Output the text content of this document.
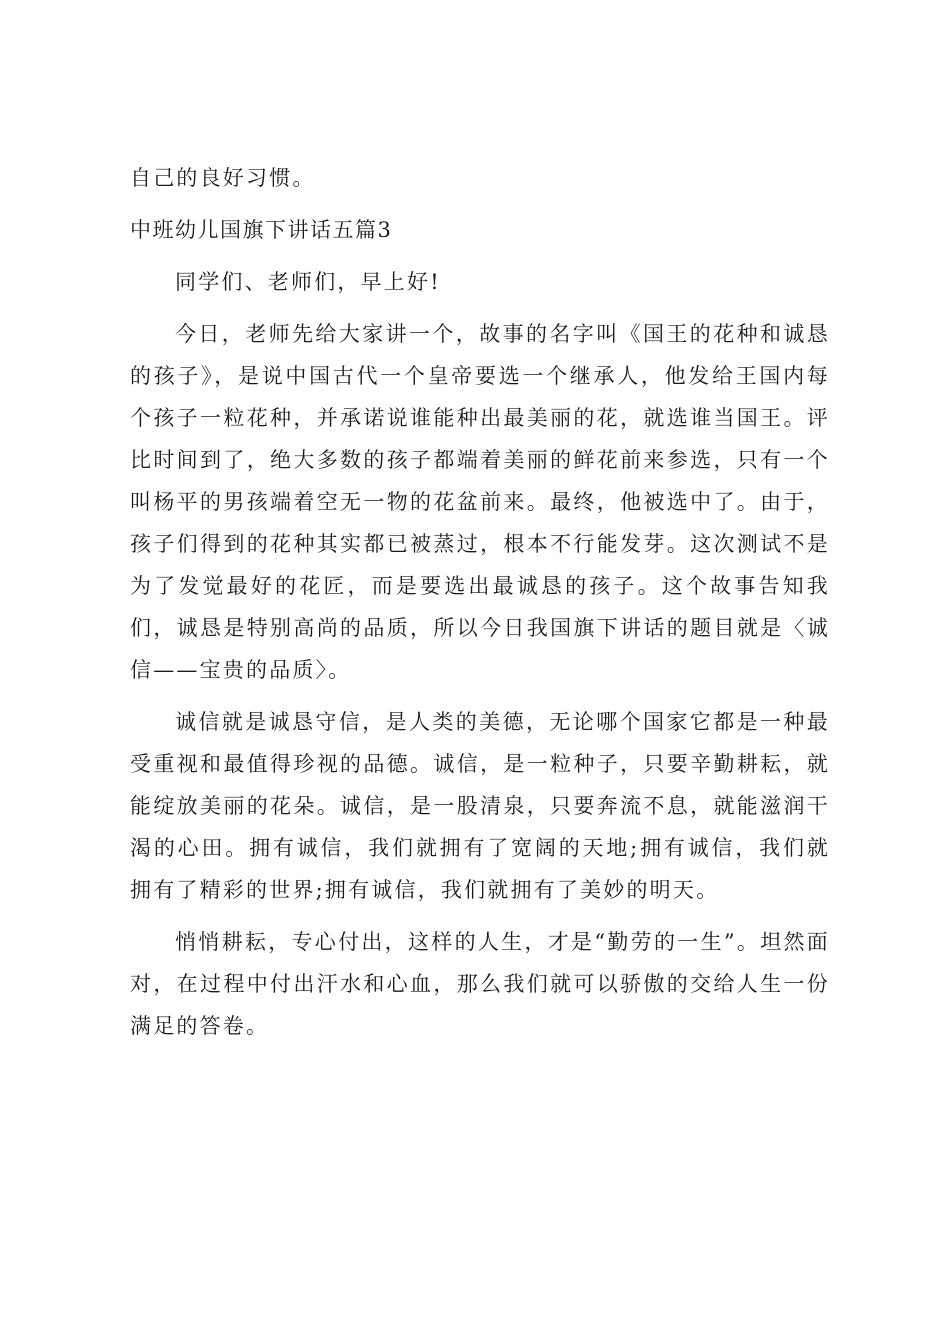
自己的良好习惯。

中班幼儿国旗下讲话五篇3

同学们、老师们，早上好!

今日，老师先给大家讲一个，故事的名字叫《国王的花种和诚恳的孩子》，是说中国古代一个皇帝要选一个继承人，他发给王国内每个孩子一粒花种，并承诺说谁能种出最美丽的花，就选谁当国王。评比时间到了，绝大多数的孩子都端着美丽的鲜花前来参选，只有一个叫杨平的男孩端着空无一物的花盆前来。最终，他被选中了。由于，孩子们得到的花种其实都已被蒸过，根本不行能发芽。这次测试不是为了发觉最好的花匠，而是要选出最诚恳的孩子。这个故事告知我们，诚恳是特别高尚的品质，所以今日我国旗下讲话的题目就是〈诚信——宝贵的品质〉。

诚信就是诚恳守信，是人类的美德，无论哪个国家它都是一种最受重视和最值得珍视的品德。诚信，是一粒种子，只要辛勤耕耘，就能绽放美丽的花朵。诚信，是一股清泉，只要奔流不息，就能滋润干渴的心田。拥有诚信，我们就拥有了宽阔的天地;拥有诚信，我们就拥有了精彩的世界;拥有诚信，我们就拥有了美妙的明天。

悄悄耕耘，专心付出，这样的人生，才是“勤劳的一生”。坦然面对，在过程中付出汗水和心血，那么我们就可以骄傲的交给人生一份满足的答卷。
